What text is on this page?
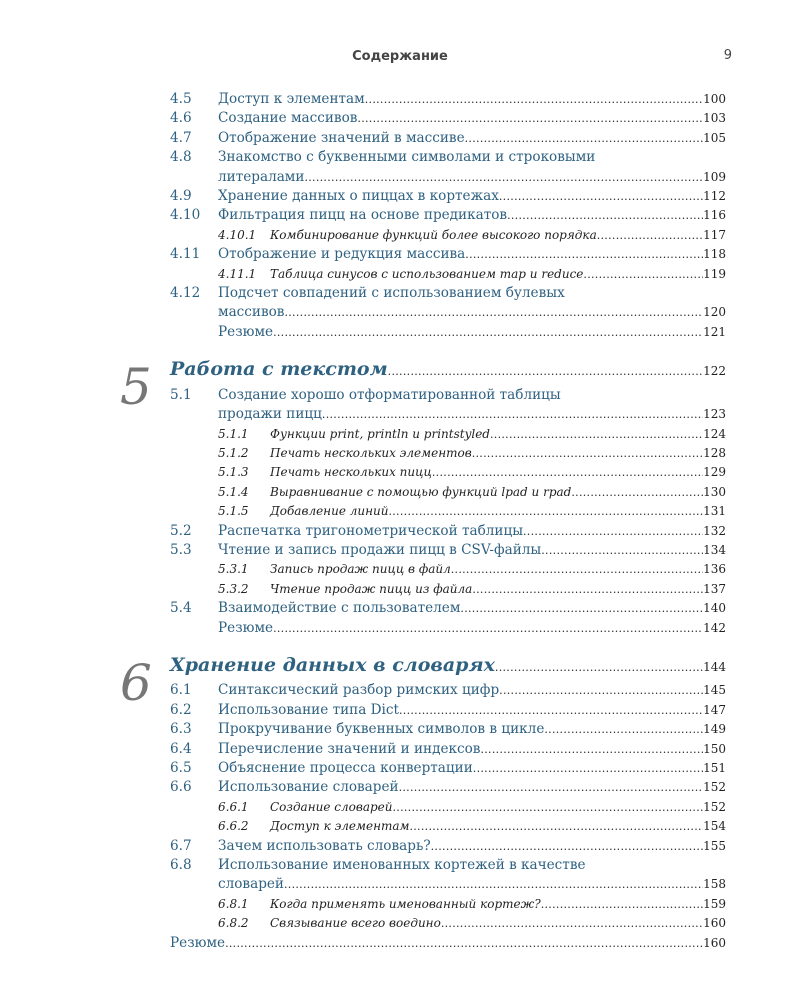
Содержание	9
4.5	Доступ к элементам .....	100
4.6	Создание массивов .....	103
4.7	Отображение значений в массиве .....	105
4.8	Знакомство с буквенными символами и строковыми
литералами .....	109
4.9	Хранение данных о пиццах в кортежах .....	112
4.10	Фильтрация пицц на основе предикатов .....	116
4.10.1	Комбинирование функций более высокого порядка .....	117
4.11	Отображение и редукция массива .....	118
4.11.1	Таблица синусов с использованием map и reduce .....	119
4.12	Подсчет совпадений с использованием булевых
массивов .....	120
Резюме .....	121
5 Работа с текстом .....	122
5.1	Создание хорошо отформатированной таблицы
продажи пицц .....	123
5.1.1	Функции print, println и printstyled .....	124
5.1.2	Печать нескольких элементов .....	128
5.1.3	Печать нескольких пицц .....	129
5.1.4	Выравнивание с помощью функций lpad и rpad .....	130
5.1.5	Добавление линий .....	131
5.2	Распечатка тригонометрической таблицы .....	132
5.3	Чтение и запись продажи пицц в CSV-файлы .....	134
5.3.1	Запись продаж пицц в файл .....	136
5.3.2	Чтение продаж пицц из файла .....	137
5.4	Взаимодействие с пользователем .....	140
Резюме .....	142
6 Хранение данных в словарях .....	144
6.1	Синтаксический разбор римских цифр .....	145
6.2	Использование типа Dict .....	147
6.3	Прокручивание буквенных символов в цикле .....	149
6.4	Перечисление значений и индексов .....	150
6.5	Объяснение процесса конвертации .....	151
6.6	Использование словарей .....	152
6.6.1	Создание словарей .....	152
6.6.2	Доступ к элементам .....	154
6.7	Зачем использовать словарь? .....	155
6.8	Использование именованных кортежей в качестве
словарей .....	158
6.8.1	Когда применять именованный кортеж? .....	159
6.8.2	Связывание всего воедино .....	160
Резюме .....	160
